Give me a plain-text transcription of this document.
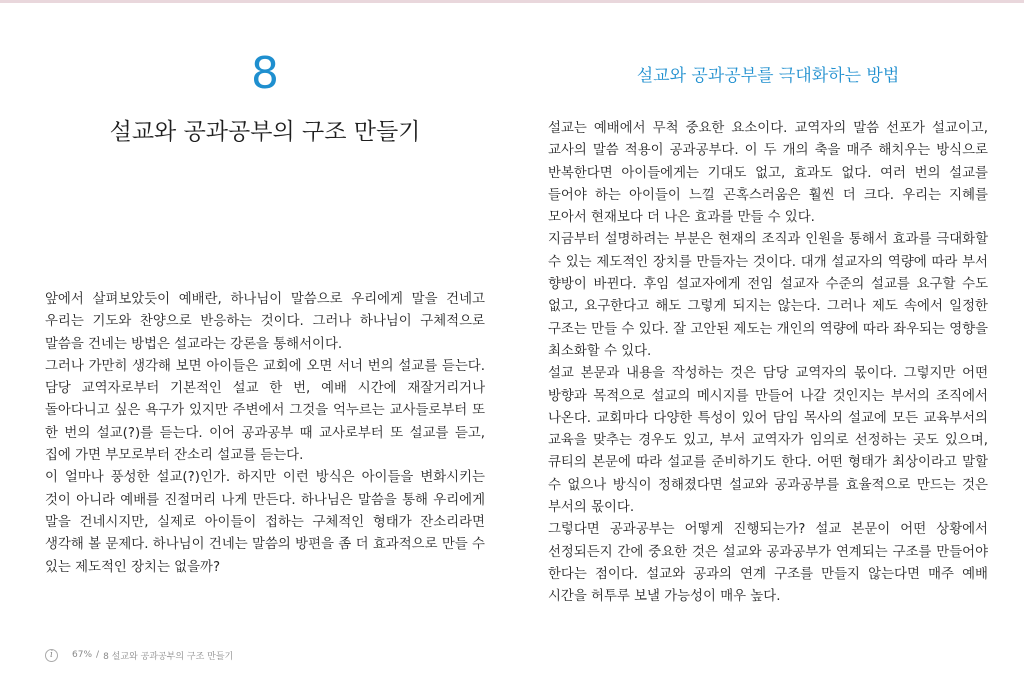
8
설교와 공과공부의 구조 만들기

앞에서 살펴보았듯이 예배란, 하나님이 말씀으로 우리에게 말을 건네고 우리는 기도와 찬양으로 반응하는 것이다. 그러나 하나님이 구체적으로 말씀을 건네는 방법은 설교라는 강론을 통해서이다.

그러나 가만히 생각해 보면 아이들은 교회에 오면 서너 번의 설교를 듣는다. 담당 교역자로부터 기본적인 설교 한 번, 예배 시간에 재잘거리거나 돌아다니고 싶은 욕구가 있지만 주변에서 그것을 억누르는 교사들로부터 또 한 번의 설교(?)를 듣는다. 이어 공과공부 때 교사로부터 또 설교를 듣고, 집에 가면 부모로부터 잔소리 설교를 듣는다.

이 얼마나 풍성한 설교(?)인가. 하지만 이런 방식은 아이들을 변화시키는 것이 아니라 예배를 진절머리 나게 만든다. 하나님은 말씀을 통해 우리에게 말을 건네시지만, 실제로 아이들이 접하는 구체적인 형태가 잔소리라면 생각해 볼 문제다. 하나님이 건네는 말씀의 방편을 좀 더 효과적으로 만들 수 있는 제도적인 장치는 없을까?

설교와 공과공부를 극대화하는 방법

설교는 예배에서 무척 중요한 요소이다. 교역자의 말씀 선포가 설교이고, 교사의 말씀 적용이 공과공부다. 이 두 개의 축을 매주 해치우는 방식으로 반복한다면 아이들에게는 기대도 없고, 효과도 없다. 여러 번의 설교를 들어야 하는 아이들이 느낄 곤혹스러움은 훨씬 더 크다. 우리는 지혜를 모아서 현재보다 더 나은 효과를 만들 수 있다.

지금부터 설명하려는 부분은 현재의 조직과 인원을 통해서 효과를 극대화할 수 있는 제도적인 장치를 만들자는 것이다. 대개 설교자의 역량에 따라 부서 향방이 바뀐다. 후임 설교자에게 전임 설교자 수준의 설교를 요구할 수도 없고, 요구한다고 해도 그렇게 되지는 않는다. 그러나 제도 속에서 일정한 구조는 만들 수 있다. 잘 고안된 제도는 개인의 역량에 따라 좌우되는 영향을 최소화할 수 있다.

설교 본문과 내용을 작성하는 것은 담당 교역자의 몫이다. 그렇지만 어떤 방향과 목적으로 설교의 메시지를 만들어 나갈 것인지는 부서의 조직에서 나온다. 교회마다 다양한 특성이 있어 담임 목사의 설교에 모든 교육부서의 교육을 맞추는 경우도 있고, 부서 교역자가 임의로 선정하는 곳도 있으며, 큐티의 본문에 따라 설교를 준비하기도 한다. 어떤 형태가 최상이라고 말할 수 없으나 방식이 정해졌다면 설교와 공과공부를 효율적으로 만드는 것은 부서의 몫이다.

그렇다면 공과공부는 어떻게 진행되는가? 설교 본문이 어떤 상황에서 선정되든지 간에 중요한 것은 설교와 공과공부가 연계되는 구조를 만들어야 한다는 점이다. 설교와 공과의 연계 구조를 만들지 않는다면 매주 예배 시간을 허투루 보낼 가능성이 매우 높다.

i	67% / 8 설교와 공과공부의 구조 만들기
